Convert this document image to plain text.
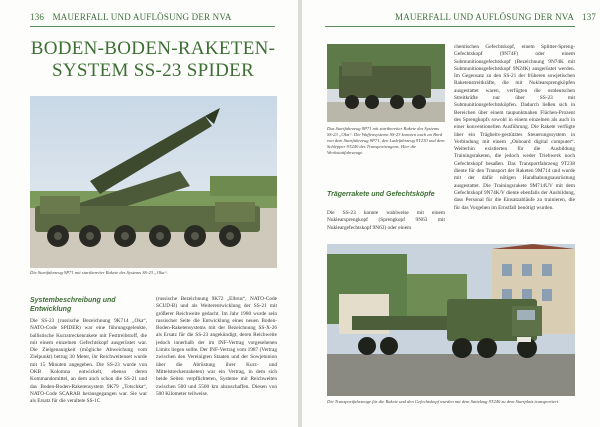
136 MAUERFALL UND AUFLÖSUNG DER NVA
BODEN-BODEN-RAKETEN-SYSTEM SS-23 SPIDER
Die Startfahrzeug 9P71 mit startbereiter Rakete des Systems SS-23 „Oka“.
Systembeschreibung und Entwicklung

Die SS-23 (russische Bezeichnung 9K714 „Oka“, NATO-Code SPIDER) war eine führungsgelenkte, ballistische Kurzstreckenrakete mit Festtreibstoff, die mit einem einzelnen Gefechtskopf ausgerüstet war. Die Zielgenauigkeit (mögliche Abweichung vom Zielpunkt) betrug 30 Meter, ihr Reichweitenset wurde mit 15 Minuten angegeben. Die SS-23 wurde von OKB Kolomna entwickelt, ebenso deren Kommandomittel, an dem auch schon die SS-21 und das Boden-Boden-Raketensystem 9K79 „Totschka“, NATO-Code SCARAB herausgegangen war. Sie war als Ersatz für die veraltete SS-1C

(russische Bezeichnung 9K72 „Elbrus“, NATO-Code SCUD-B) und als Weiterentwicklung der SS-21 mit größerer Reichweite gedacht. Im Jahr 1980 wurde sein russischer Seite die Entwicklung eines neuen Boden-Boden-Raketensystems mit der Bezeichnung SS-X-26 als Ersatz für die SS-23 angekündigt, deren Reichweite jedoch innerhalb der im INF-Vertrag vorgesehenen Limits liegen sollte. Der INF-Vertrag vom 1987 (Vertrag zwischen den Vereinigten Staaten und der Sowjetunion über die Abrüstung ihrer Kurz- und Mittelstreckenraketen) war ein Vertrag, in dem sich beide Seiten verpflichteten, Systeme mit Reichweiten zwischen 500 und 5500 km abzuschaffen. Diesen von 500 Kilometer teilweise.

MAUERFALL UND AUFLÖSUNG DER NVA 137
Das Startfahrzeug 9P71 mit startbereiter Rakete des Systems SS-23 „Oka“. Die Waffensysteme SS-23 konnten auch an Bord von dem Startfahrzeug 9P71, den Ladefahrzeug 9T230 und dem Schlepper 9T240 des Transportwagens. Hier die Werkstattfahrzeuge.
Trägerrakete und Gefechtsköpfe

Die SS-23 konnte wahlweise mit einem Nuklearsprengkopf (Sprengkopf 9N63 mit Nukleargefechtskopf 9N63) oder einem

chemischen Gefechtskopf, einem Splitter-Spreng-Gefechtskopf (9N74F) oder einem Submunitionsgefechtskopf (Bezeichnung 9N74K mit Submunitionsgefechtskopf 9N24K) ausgerüstet werden. Im Gegensatz zu den SS-21 der früheren sowjetischen Raketenstreitkräfte, die mit Nuklearsprengköpfen ausgestattet waren, verfügten die ostdeutschen Streitkräfte nur über SS-23 mit Submunitionsgefechtsköpfen. Dadurch ließen sich in Bereichen über einem taupunktnahen Flächen-Prozent des Sprengkopfs sowohl in einem einzelnen als auch in einer konventionellen Ausführung. Die Rakete verfügte über ein Trägheits-gestütztes Steuerungssystem in Verbindung mit einem „Onboard digital computer“. Weiterhin existierten für die Ausbildung Trainingsraketen, die jedoch weder Triebwerk noch Gefechtskopf besaßen. Das Transportfahrzeug 9T238 diente für den Transport der Raketen 9M714 und wurde mit der dafür nötigen Handhabungsausrüstung ausgestattet. Die Trainingsrakete 9M714UV mit dem Gefechtskopf 9N74K/V diente ebenfalls der Ausbildung, dass Personal für die Einsatzabläufe zu trainieren, die für das Vorgehen im Ernstfall benötigt wurden.

Die Transportfahrzeuge für die Rakete und den Gefechtskopf wurden mit dem Sattelzug 9T240 zu dem Startplatz transportiert.
